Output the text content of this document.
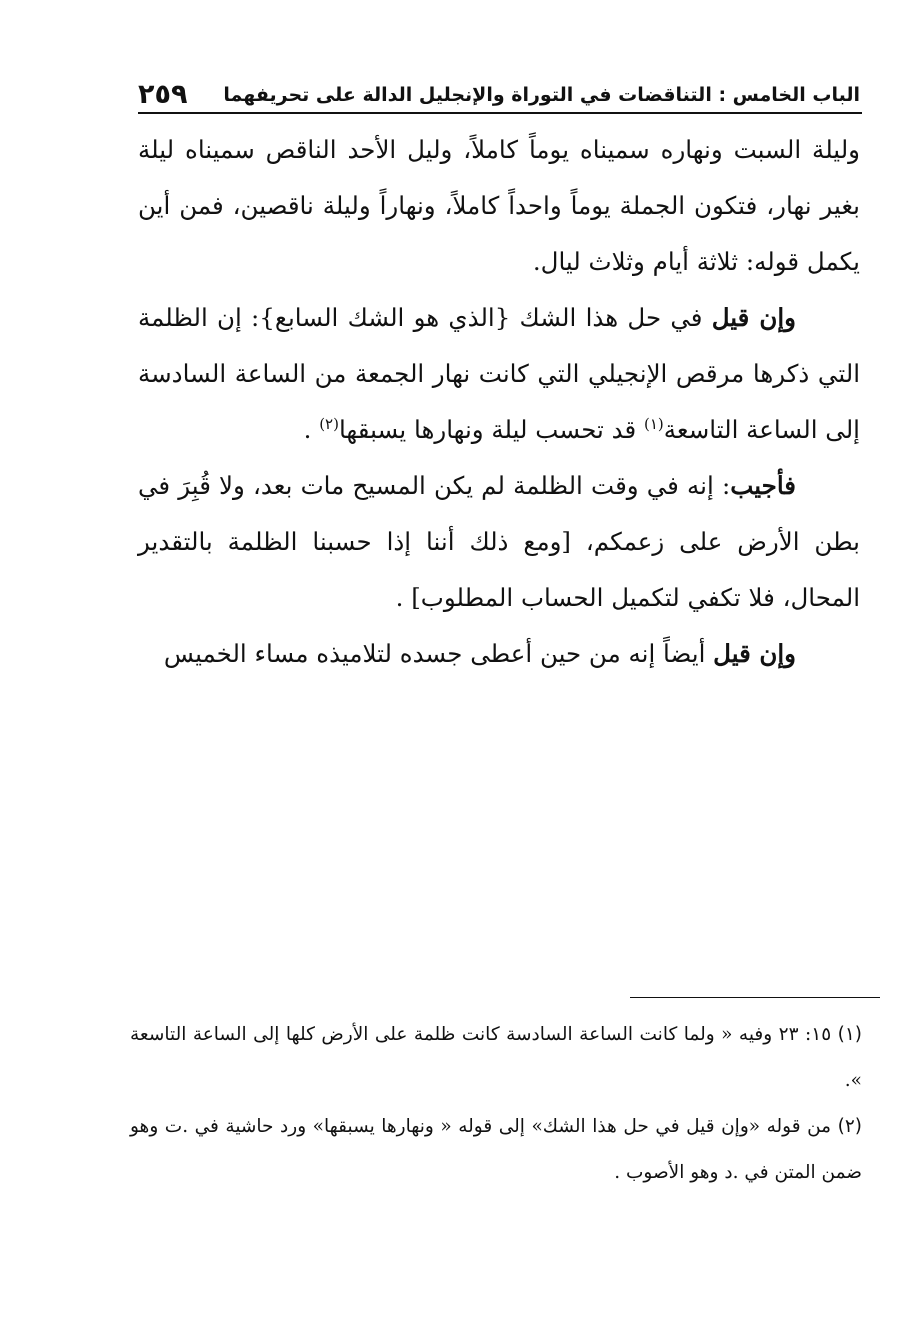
الباب الخامس : التناقضات في التوراة والإنجليل الدالة على تحريفهما
٢٥٩

وليلة السبت ونهاره سميناه يوماً كاملاً، وليل الأحد الناقص سميناه ليلة بغير نهار، فتكون الجملة يوماً واحداً كاملاً، ونهاراً وليلة ناقصين، فمن أين يكمل قوله: ثلاثة أيام وثلاث ليال.

وإن قيل في حل هذا الشك {الذي هو الشك السابع}: إن الظلمة التي ذكرها مرقص الإنجيلي التي كانت نهار الجمعة من الساعة السادسة إلى الساعة التاسعة$^{(١)}$ قد تحسب ليلة ونهارها يسبقها$^{(٢)}$ .

فأجيب: إنه في وقت الظلمة لم يكن المسيح مات بعد، ولا قُبِرَ في بطن الأرض على زعمكم، [ومع ذلك أننا إذا حسبنا الظلمة بالتقدير المحال، فلا تكفي لتكميل الحساب المطلوب] .

وإن قيل أيضاً إنه من حين أعطى جسده لتلاميذه مساء الخميس

(١) ١٥: ٢٣ وفيه « ولما كانت الساعة السادسة كانت ظلمة على الأرض كلها إلى الساعة التاسعة ».

(٢) من قوله «وإن قيل في حل هذا الشك» إلى قوله « ونهارها يسبقها» ورد حاشية في .ت وهو ضمن المتن في .د وهو الأصوب .
